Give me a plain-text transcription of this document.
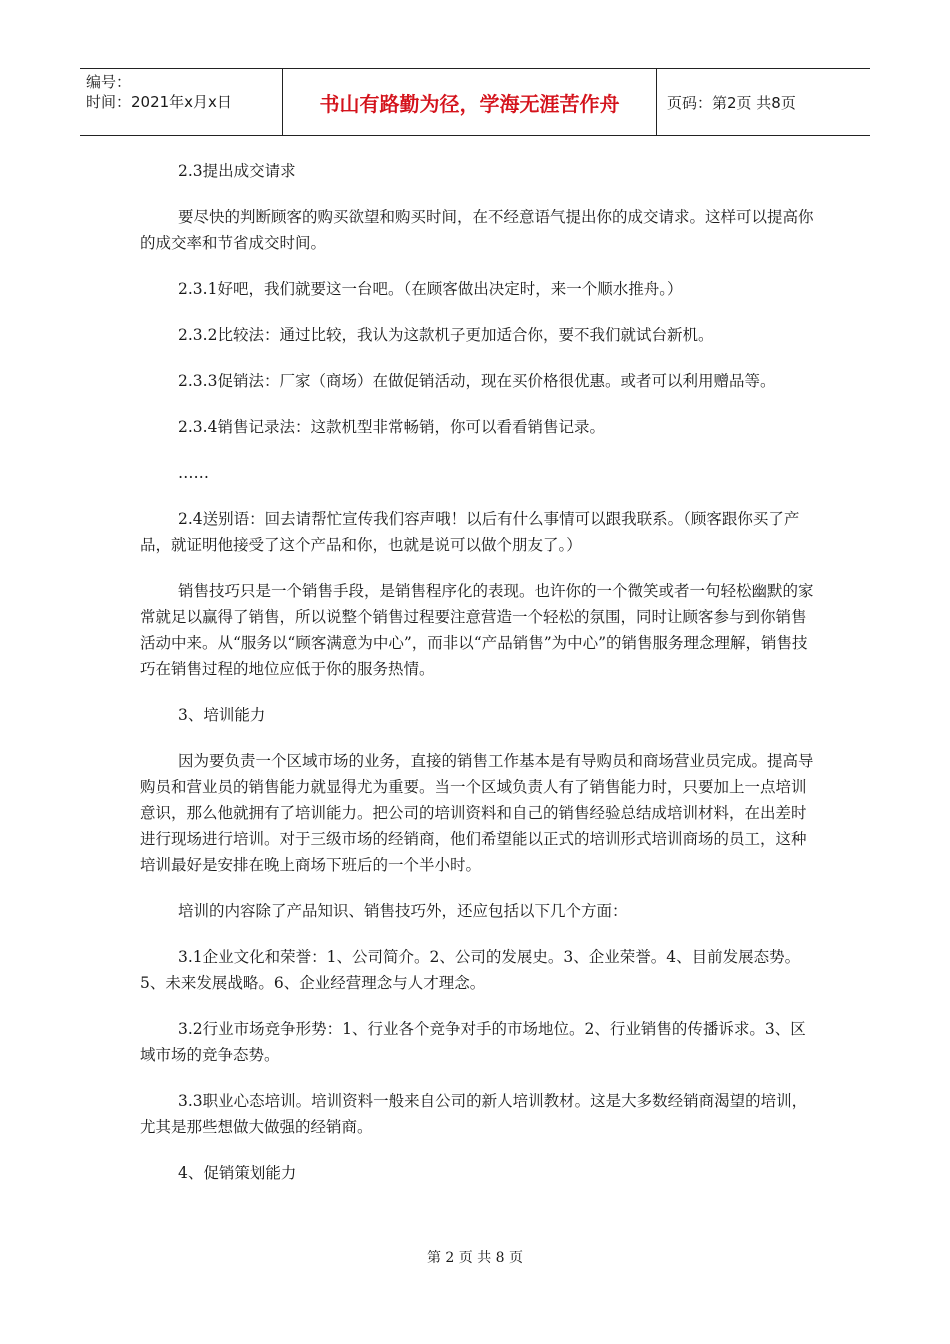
编号：
时间：2021年x月x日	书山有路勤为径，学海无涯苦作舟	页码：第2页 共8页

2.3提出成交请求

要尽快的判断顾客的购买欲望和购买时间，在不经意语气提出你的成交请求。这样可以提高你的成交率和节省成交时间。

2.3.1好吧，我们就要这一台吧。（在顾客做出决定时，来一个顺水推舟。）

2.3.2比较法：通过比较，我认为这款机子更加适合你，要不我们就试台新机。

2.3.3促销法：厂家（商场）在做促销活动，现在买价格很优惠。或者可以利用赠品等。

2.3.4销售记录法：这款机型非常畅销，你可以看看销售记录。

……

2.4送别语：回去请帮忙宣传我们容声哦！以后有什么事情可以跟我联系。（顾客跟你买了产品，就证明他接受了这个产品和你，也就是说可以做个朋友了。）

销售技巧只是一个销售手段，是销售程序化的表现。也许你的一个微笑或者一句轻松幽默的家常就足以赢得了销售，所以说整个销售过程要注意营造一个轻松的氛围，同时让顾客参与到你销售活动中来。从“服务以“顾客满意为中心”，而非以“产品销售”为中心”的销售服务理念理解，销售技巧在销售过程的地位应低于你的服务热情。

3、培训能力

因为要负责一个区域市场的业务，直接的销售工作基本是有导购员和商场营业员完成。提高导购员和营业员的销售能力就显得尤为重要。当一个区域负责人有了销售能力时，只要加上一点培训意识，那么他就拥有了培训能力。把公司的培训资料和自己的销售经验总结成培训材料，在出差时进行现场进行培训。对于三级市场的经销商，他们希望能以正式的培训形式培训商场的员工，这种培训最好是安排在晚上商场下班后的一个半小时。

培训的内容除了产品知识、销售技巧外，还应包括以下几个方面：

3.1企业文化和荣誉：1、公司简介。2、公司的发展史。3、企业荣誉。4、目前发展态势。5、未来发展战略。6、企业经营理念与人才理念。

3.2行业市场竞争形势：1、行业各个竞争对手的市场地位。2、行业销售的传播诉求。3、区域市场的竞争态势。

3.3职业心态培训。培训资料一般来自公司的新人培训教材。这是大多数经销商渴望的培训，尤其是那些想做大做强的经销商。

4、促销策划能力

第 2 页 共 8 页
